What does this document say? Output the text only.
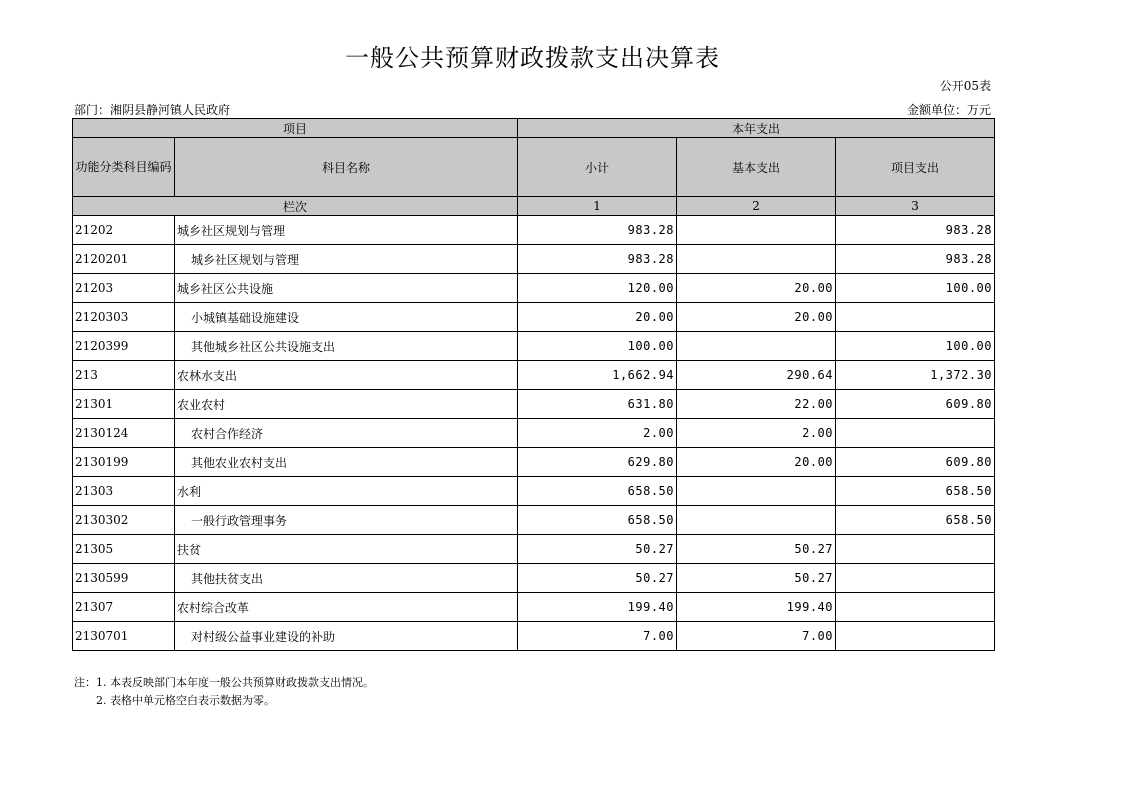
一般公共预算财政拨款支出决算表
公开05表
部门：湘阴县静河镇人民政府	金额单位：万元
项目		本年支出		
功能分类科目编码	科目名称	小计	基本支出	项目支出
栏次		1	2	3
21202	城乡社区规划与管理	983.28		983.28
2120201	城乡社区规划与管理	983.28		983.28
21203	城乡社区公共设施	120.00	20.00	100.00
2120303	小城镇基础设施建设	20.00	20.00	
2120399	其他城乡社区公共设施支出	100.00		100.00
213	农林水支出	1,662.94	290.64	1,372.30
21301	农业农村	631.80	22.00	609.80
2130124	农村合作经济	2.00	2.00	
2130199	其他农业农村支出	629.80	20.00	609.80
21303	水利	658.50		658.50
2130302	一般行政管理事务	658.50		658.50
21305	扶贫	50.27	50.27	
2130599	其他扶贫支出	50.27	50.27	
21307	农村综合改革	199.40	199.40	
2130701	对村级公益事业建设的补助	7.00	7.00	
注：1. 本表反映部门本年度一般公共预算财政拨款支出情况。
2. 表格中单元格空白表示数据为零。
